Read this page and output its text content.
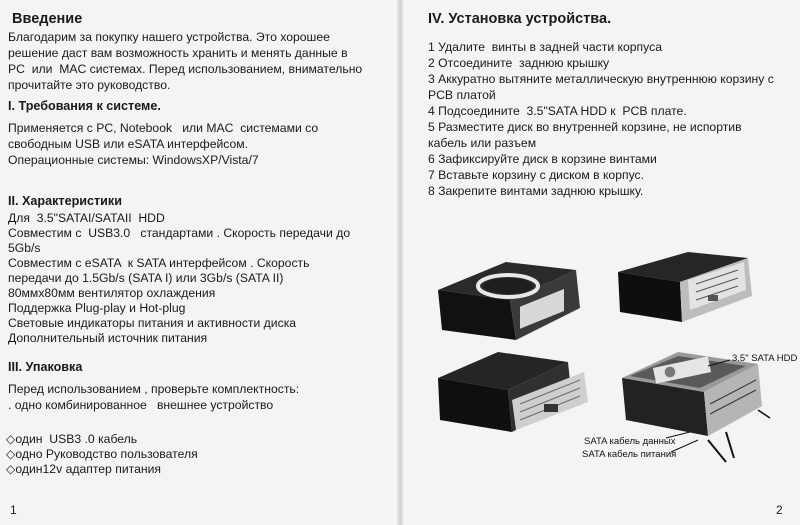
Введение
Благодарим за покупку нашего устройства. Это хорошее
решение даст вам возможность хранить и менять данные в
PC  или  MAC системах. Перед использованием, внимательно
прочитайте это руководство.
I. Требования к системе.
Применяется с PC, Notebook   или MAC  системами со
свободным USB или eSATA интерфейсом.
Операционные системы: WindowsXP/Vista/7
II. Характеристики
Для  3.5"SATAI/SATAII  HDD
Совместим с  USB3.0   стандартами . Скорость передачи до
5Gb/s
Совместим с eSATA  к SATA интерфейсом . Скорость
передачи до 1.5Gb/s (SATA I) или 3Gb/s (SATA II)
80ммx80мм вентилятор охлаждения
Поддержка Plug-play и Hot-plug
Световые индикаторы питания и активности диска
Дополнительный источник питания
III. Упаковка
Перед использованием , проверьте комплектность:
. одно комбинированное   внешнее устройство
◇один  USB3 .0 кабель
◇одно Руководство пользователя
◇один12v адаптер питания
1
IV. Установка устройства.
1 Удалите  винты в задней части корпуса
2 Отсоедините  заднюю крышку
3 Аккуратно вытяните металлическую внутреннюю корзину с
PCB платой
4 Подсоедините  3.5"SATA HDD к  PCB плате.
5 Разместите диск во внутренней корзине, не испортив
кабель или разъем
6 Зафиксируйте диск в корзине винтами
7 Вставьте корзину с диском в корпус.
8 Закрепите винтами заднюю крышку.
3.5" SATA HDD
SATA кабель данных
SATA кабель питания
2
